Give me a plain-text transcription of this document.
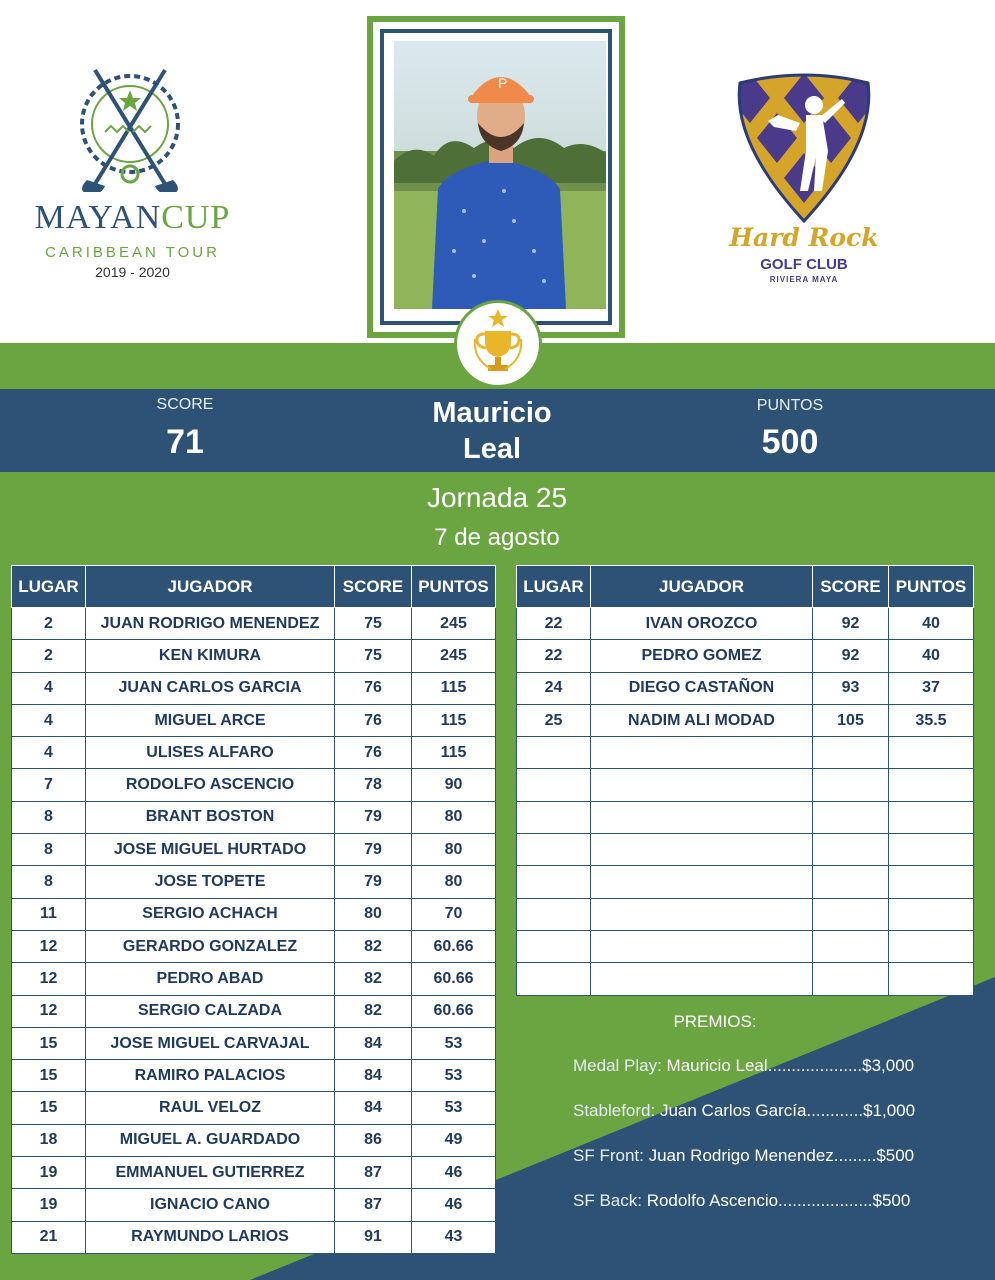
MAYANCUP
CARIBBEAN TOUR
2019 - 2020
Hard Rock
GOLF CLUB
RIVIERA MAYA
P
SCORE
71
Mauricio
Leal
PUNTOS
500
Jornada 25
7 de agosto
LUGAR	JUGADOR	SCORE	PUNTOS
2	JUAN RODRIGO MENENDEZ	75	245
2	KEN KIMURA	75	245
4	JUAN CARLOS GARCIA	76	115
4	MIGUEL ARCE	76	115
4	ULISES ALFARO	76	115
7	RODOLFO ASCENCIO	78	90
8	BRANT BOSTON	79	80
8	JOSE MIGUEL HURTADO	79	80
8	JOSE TOPETE	79	80
11	SERGIO ACHACH	80	70
12	GERARDO GONZALEZ	82	60.66
12	PEDRO ABAD	82	60.66
12	SERGIO CALZADA	82	60.66
15	JOSE MIGUEL CARVAJAL	84	53
15	RAMIRO PALACIOS	84	53
15	RAUL VELOZ	84	53
18	MIGUEL A. GUARDADO	86	49
19	EMMANUEL GUTIERREZ	87	46
19	IGNACIO CANO	87	46
21	RAYMUNDO LARIOS	91	43
LUGAR	JUGADOR	SCORE	PUNTOS
22	IVAN OROZCO	92	40
22	PEDRO GOMEZ	92	40
24	DIEGO CASTAÑON	93	37
25	NADIM ALI MODAD	105	35.5

PREMIOS:
Medal Play: Mauricio Leal....................$3,000
Stableford: Juan Carlos García............$1,000
SF Front: Juan Rodrigo Menendez.........$500
SF Back: Rodolfo Ascencio....................$500
